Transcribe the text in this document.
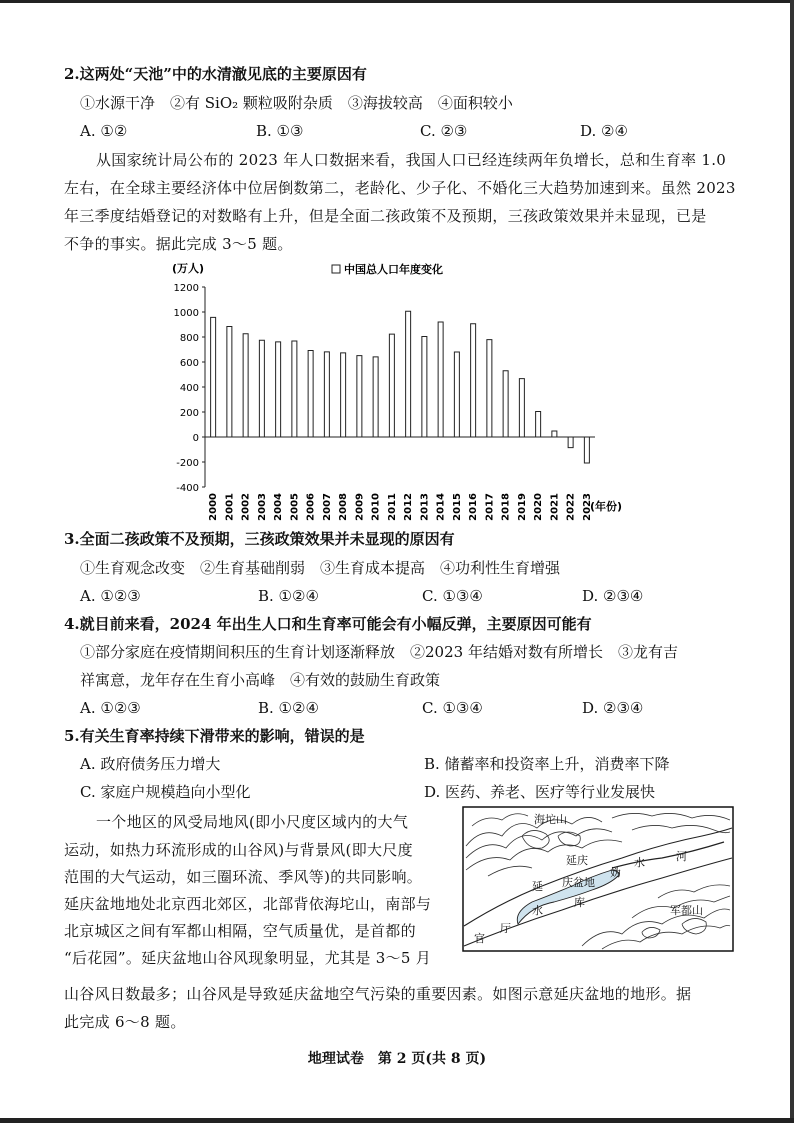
2.这两处“天池”中的水清澈见底的主要原因有
①水源干净　②有 SiO₂ 颗粒吸附杂质　③海拔较高　④面积较小
A. ①②	B. ①③	C. ②③	D. ②④
从国家统计局公布的 2023 年人口数据来看，我国人口已经连续两年负增长，总和生育率 1.0
左右，在全球主要经济体中位居倒数第二，老龄化、少子化、不婚化三大趋势加速到来。虽然 2023
年三季度结婚登记的对数略有上升，但是全面二孩政策不及预期，三孩政策效果并未显现，已是
不争的事实。据此完成 3～5 题。
(万人)	中国总人口年度变化
1200
1000
800
600
400
200
0
-200
-400
2000 2001 2002 2003 2004 2005 2006 2007 2008 2009 2010 2011 2012 2013 2014 2015 2016 2017 2018 2019 2020 2021 2022 2023
(年份)
3.全面二孩政策不及预期，三孩政策效果并未显现的原因有
①生育观念改变　②生育基础削弱　③生育成本提高　④功利性生育增强
A. ①②③	B. ①②④	C. ①③④	D. ②③④
4.就目前来看，2024 年出生人口和生育率可能会有小幅反弹，主要原因可能有
①部分家庭在疫情期间积压的生育计划逐渐释放　②2023 年结婚对数有所增长　③龙有吉
祥寓意，龙年存在生育小高峰　④有效的鼓励生育政策
A. ①②③	B. ①②④	C. ①③④	D. ②③④
5.有关生育率持续下滑带来的影响，错误的是
A. 政府债务压力增大	B. 储蓄率和投资率上升，消费率下降
C. 家庭户规模趋向小型化	D. 医药、养老、医疗等行业发展快
一个地区的风受局地风(即小尺度区域内的大气
运动，如热力环流形成的山谷风)与背景风(即大尺度
范围的大气运动，如三圈环流、季风等)的共同影响。
延庆盆地地处北京西北郊区，北部背依海坨山，南部与
北京城区之间有军都山相隔，空气质量优，是首都的
“后花园”。延庆盆地山谷风现象明显，尤其是 3～5 月
山谷风日数最多；山谷风是导致延庆盆地空气污染的重要因素。如图示意延庆盆地的地形。据
此完成 6～8 题。
海坨山
延庆
妫
水	河
延 庆盆地
水
库
官
厅
军都山
地理试卷　第 2 页(共 8 页)
